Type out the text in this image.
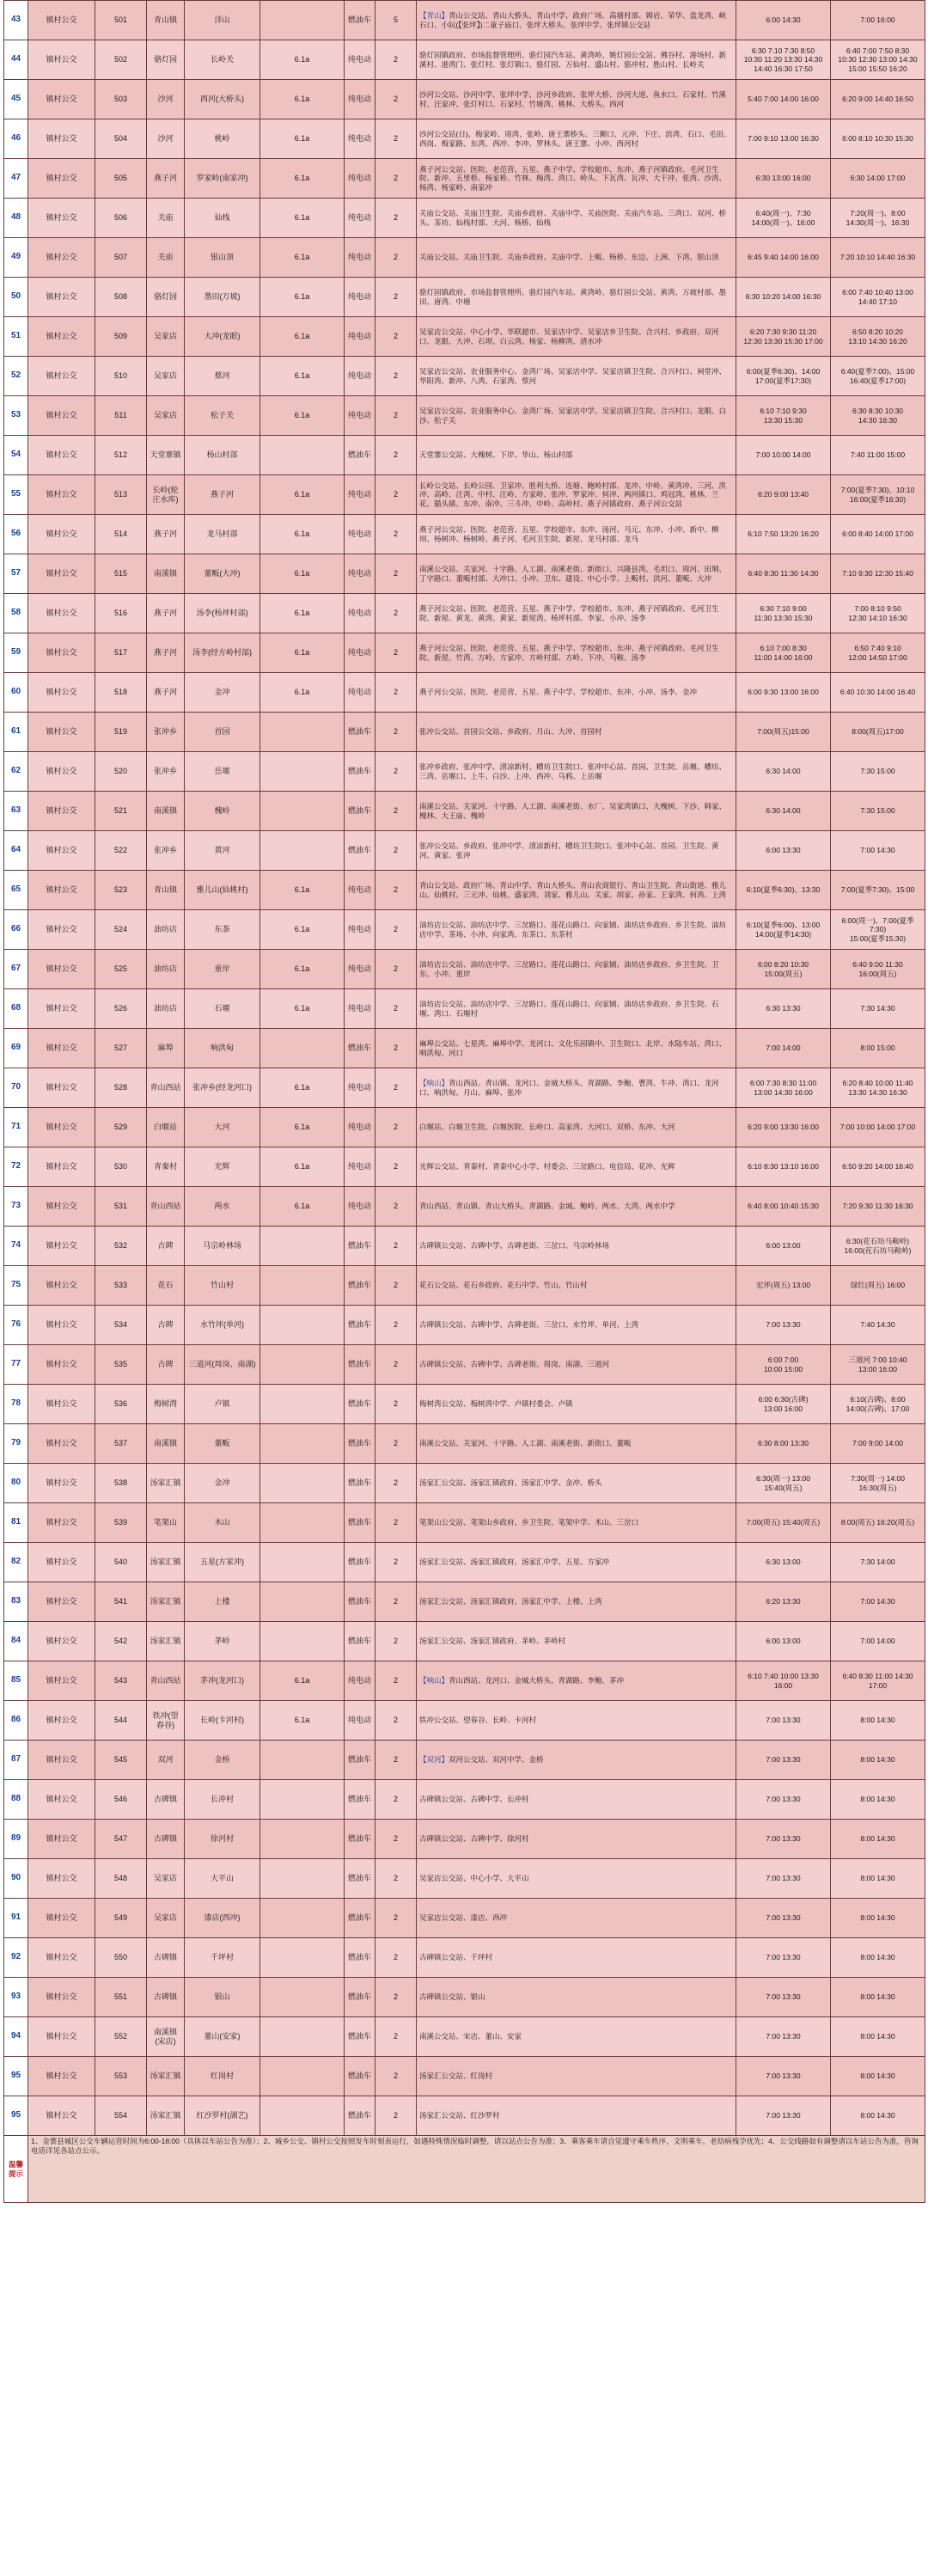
43	镇村公交	501	青山镇	洋山		燃油车	5	【青山】青山公交站、青山大桥头、青山中学、政府广场、高塘村部、姆岩、荣华、盘龙湾、峡石口、小阮(【张坪】)二童子庙口、张坪大桥头、张坪中学、张坪镇公交站	6:00 14:30	7:00 16:00
44	镇村公交	502	骆灯园	长岭关	6.1a	纯电动	2	骆灯园镇政府、市场监督管理所、骆灯园汽车站、黄湾岭、姚灯园公交站、佛谷村、港场村、新溪村、港湾门、张灯村、张灯镇口、骆灯园、万仙村、盛山村、骆冲村、胜山村、长岭关	6:30 7:10 7:30 8:50
10:30 11:20 13:30 14:30
14:40 16:30 17:50	6:40 7:00 7:50 8:30
10:30 12:30 13:00 14:30
15:00 15:50 16:20
45	镇村公交	503	沙河	西河(大桥头)	6.1a	纯电动	2	沙河公交站、沙河中学、张坪中学、沙河乡政府、张坪大桥、沙河大道、鱼水口、石家村、竹溪村、汪家冲、张灯村口、石家村、竹塘湾、桃林、大桥头、西河	5:40 7:00 14:00 16:00	6:20 9:00 14:40 16:50
46	镇村公交	504	沙河	桃岭	6.1a	纯电动	2	沙河公交站(日)、梅家岭、周湾、张岭、唐王寨桥头、三狮口、元冲、下庄、滨湾、石口、毛田、西岗、梅家路、东湾、西冲、李冲、罗林头、唐王寨、小冲、西河村	7:00 9:10 13:00 16:30	6:00 8:10 10:30 15:30
47	镇村公交	505	燕子河	罗家岭(南家冲)	6.1a	纯电动	2	燕子河公交站、医院、老范营、五星、燕子中学、学校超市、东冲、燕子河镇政府、毛河卫生院、新冲、五里桥、杨家桥、竹林、梅湾、湾口、岭头、下瓦湾、瓦冲、大干冲、张湾、沙湾、杨湾、杨家岭、南家冲	6:30 13:00 16:00	6:30 14:00 17:00
48	镇村公交	506	关庙	仙栈	6.1a	纯电动	2	关庙公交站、关庙卫生院、关庙乡政府、关庙中学、关庙医院、关庙汽车站、三湾口、双河、桥头、茶坊、仙栈村部、大河、杨桥、仙栈	6:40(周一)、7:30
14:00(周一)、16:00	7:20(周一)、8:00
14:30(周一)、16:30
49	镇村公交	507	关庙	银山顶	6.1a	纯电动	2	关庙公交站、关庙卫生院、关庙乡政府、关庙中学、上畈、杨桥、东边、上洲、下湾、银山顶	6:45 9:40 14:00 16:00	7:20 10:10 14:40 16:30
50	镇村公交	508	骆灯园	墨田(万坡)	6.1a	纯电动	2	骆灯园镇政府、市场监督管理所、骆灯园汽车站、黄湾岭、骆灯园公交站、黄湾、万坡村部、墨田、唐湾、中塘	6:30 10:20 14:00 16:30	6:00 7:40 10:40 13:00
14:40 17:10
51	镇村公交	509	吴家店	大冲(龙眼)	6.1a	纯电动	2	吴家店公交站、中心小学、华联超市、吴家店中学、吴家店乡卫生院、合兴村、乡政府、双河口、龙眼、大冲、石坝、白云湾、杨家、杨柳湾、清水冲	6:20 7:30 9:30 11:20
12:30 13:30 15:30 17:00	6:50 8:20 10:20
13:10 14:30 16:20
52	镇村公交	510	吴家店	蔡河	6.1a	纯电动	2	吴家店公交站、农业服务中心、金湾广场、吴家店中学、吴家店镇卫生院、合兴村口、祠堂冲、华阳湾、新冲、八湾、石家湾、蔡河	6:00(夏季6:30)、14:00
17:00(夏季17:30)	6:40(夏季7:00)、15:00
16:40(夏季17:00)
53	镇村公交	511	吴家店	松子关	6.1a	纯电动	2	吴家店公交站、农业服务中心、金湾广场、吴家店中学、吴家店镇卫生院、合兴村口、龙眼、白沙、松子关	6:10 7:10 9:30
13:30 15:30	6:30 8:30 10:30
14:30 16:30
54	镇村公交	512	天堂寨镇	杨山村部		燃油车	2	天堂寨公交站、大槐树、下岸、华山、杨山村部	7:00 10:00 14:00	7:40 11:00 15:00
55	镇村公交	513	长岭(轮庄水库)	燕子河	6.1a	纯电动	2	长岭公交站、长岭公园、卫家冲、胜利大桥、连塘、鲍岭村部、龙冲、中岭、黄湾冲、三河、洪冲、高岭、汪湾、中村、汪岭、方家岭、张冲、罗家冲、何冲、两河镇口、鸡冠湾、桃林、兰花、猫头镇、东冲、南冲、三斗冲、中岭、高岭村、燕子河镇政府、燕子河公交站	6:20 9:00 13:40	7:00(夏季7:30)、10:10
16:00(夏季16:30)
56	镇村公交	514	燕子河	龙马村部	6.1a	纯电动	2	燕子河公交站、医院、老范营、五星、学校超市、东冲、汤河、马元、东冲、小冲、新中、柳坝、杨树冲、杨树岭、燕子河、毛河卫生院、新屋、龙马村部、龙马	6:10 7:50 13:20 16:20	6:00 8:40 14:00 17:00
57	镇村公交	515	南溪镇	董畈(大冲)	6.1a	纯电动	2	南溪公交站、关家河、十字路、人工湖、南溪老街、新街口、兴隆县湾、毛坦口、周河、田垌、丁字路口、董畈村部、大冲口、小冲、卫东、建设、中心小学、上畈村、洪河、董畈、大冲	6:40 8:30 11:30 14:30	7:10 9:30 12:30 15:40
58	镇村公交	516	燕子河	汤李(杨坪村部)	6.1a	纯电动	2	燕子河公交站、医院、老范营、五星、燕子中学、学校超市、东冲、燕子河镇政府、毛河卫生院、新屋、黄龙、黄湾、黄家、新屋湾、杨坪村部、李家、小冲、汤李	6:30 7:10 9:00
11:30 13:30 15:30	7:00 8:10 9:50
12:30 14:10 16:30
59	镇村公交	517	燕子河	汤李(经方岭村部)	6.1a	纯电动	2	燕子河公交站、医院、老范营、五星、燕子中学、学校超市、东冲、燕子河镇政府、毛河卫生院、新屋、竹湾、方岭、方家冲、方岭村部、方岭、下冲、马鞍、汤李	6:10 7:00 8:30
11:00 14:00 16:00	6:50 7:40 9:10
12:00 14:50 17:00
60	镇村公交	518	燕子河	金冲	6.1a	纯电动	2	燕子河公交站、医院、老范营、五星、燕子中学、学校超市、东冲、小冲、汤李、金冲	6:00 9:30 13:00 16:00	6:40 10:30 14:00 16:40
61	镇村公交	519	张冲乡	首园		燃油车	2	张冲公交站、首园公交站、乡政府、月山、大冲、首园村	7:00(周五)15:00	8:00(周五)17:00
62	镇村公交	520	张冲乡	岳堰		燃油车	2	张冲乡政府、张冲中学、清凉新村、槽坊卫生院口、张冲中心站、首园、卫生院、岳堰、槽坊、三湾、岳堰口、上牛、白沙、上冲、西冲、乌鸦、上岳堰	6:30 14:00	7:30 15:00
63	镇村公交	521	南溪镇	槐岭		燃油车	2	南溪公交站、关家河、十字路、人工湖、南溪老街、水厂、吴家湾镇口、大槐树、下沙、韩家、槐林、大王庙、槐岭	6:30 14:00	7:30 15:00
64	镇村公交	522	张冲乡	黄河		燃油车	2	张冲公交站、乡政府、张冲中学、清凉新村、槽坊卫生院口、张冲中心站、首园、卫生院、黄河、黄家、张冲	6:00 13:30	7:00 14:30
65	镇村公交	523	青山镇	雅儿山(仙桃村)	6.1a	纯电动	2	青山公交站、政府广场、青山中学、青山大桥头、青山农商银行、青山卫生院、青山街道、雅儿山、仙桃村、三元冲、仙桃、盛家湾、刘家、雅儿山、关家、胡家、孙家、王家湾、何湾、上湾	6:10(夏季6:30)、13:30	7:00(夏季7:30)、15:00
66	镇村公交	524	油坊店	东茶	6.1a	纯电动	2	油坊店公交站、油坊店中学、三岔路口、莲花山路口、向家铺、油坊店乡政府、乡卫生院、油坊店中学、茶场、小冲、向家湾、东茶口、东茶村	6:10(夏季6:00)、13:00
14:00(夏季14:30)	6:00(周一)、7:00(夏季7:30)
15:00(夏季15:30)
67	镇村公交	525	油坊店	重岸	6.1a	纯电动	2	油坊店公交站、油坊店中学、三岔路口、莲花山路口、向家铺、油坊店乡政府、乡卫生院、卫东、小冲、重岸	6:00 8:20 10:30
15:00(周五)	6:40 9:00 11:30
16:00(周五)
68	镇村公交	526	油坊店	石堰	6.1a	纯电动	2	油坊店公交站、油坊店中学、三岔路口、莲花山路口、向家铺、油坊店乡政府、乡卫生院、石堰、湾口、石堰村	6:30 13:30	7:30 14:30
69	镇村公交	527	麻埠	响洪甸		燃油车	2	麻埠公交站、七星湾、麻埠中学、龙河口、文化乐园镇中、卫生院口、北岸、水陆车站、湾口、响洪甸、河口	7:00 14:00	8:00 15:00
70	镇村公交	528	青山西站	张冲乡(经龙河口)	6.1a	纯电动	2	【响山】青山西站、青山镇、龙河口、金城大桥头、青湖路、李鲍、曹湾、牛冲、湾口、龙河口、响洪甸、月山、麻埠、张冲	6:00 7:30 8:30 11:00
13:00 14:30 16:00	6:20 8:40 10:00 11:40
13:30 14:30 16:30
71	镇村公交	529	白堰站	大河	6.1a	纯电动	2	白堰站、白堰卫生院、白堰医院、长岭口、高家湾、大河口、双桥、东冲、大河	6:20 9:00 13:30 16:00	7:00 10:00 14:00 17:00
72	镇村公交	530	青秦村	光辉	6.1a	纯电动	2	光辉公交站、青秦村、青秦中心小学、村委会、三岔路口、电信局、花冲、光辉	6:10 8:30 13:10 16:00	6:50 9:20 14:00 16:40
73	镇村公交	531	青山西站	两水	6.1a	纯电动	2	青山西站、青山镇、青山大桥头、青湖路、金城、鲍岭、两水、大湾、两水中学	6:40 8:00 10:40 15:30	7:20 9:30 11:30 16:30
74	镇村公交	532	古碑	马宗岭林场		燃油车	2	古碑镇公交站、古碑中学、古碑老街、三岔口、马宗岭林场	6:00 13:00	6:30(花石坊马鞍岭)
16:00(花石坊马鞍岭)
75	镇村公交	533	花石	竹山村		燃油车	2	花石公交站、花石乡政府、花石中学、竹山、竹山村	宏坪(周五) 13:00	绿红(周五) 16:00
76	镇村公交	534	古碑	水竹坪(单河)		燃油车	2	古碑镇公交站、古碑中学、古碑老街、三岔口、水竹坪、单河、上湾	7:00 13:30	7:40 14:30
77	镇村公交	535	古碑	三道河(周岗、南湖)		燃油车	2	古碑镇公交站、古碑中学、古碑老街、周岗、南湖、三道河	6:00 7:00
10:00 15:00	三道河 7:00 10:40
13:00 16:00
78	镇村公交	536	梅树湾	卢镇		燃油车	2	梅树湾公交站、梅树湾中学、卢镇村委会、卢镇	6:00 6:30(古碑)
13:00 16:00	6:10(古碑)、8:00
14:00(古碑)、17:00
79	镇村公交	537	南溪镇	董畈		燃油车	2	南溪公交站、关家河、十字路、人工湖、南溪老街、新街口、董畈	6:30 8:00 13:30	7:00 9:00 14:00
80	镇村公交	538	汤家汇镇	金冲		燃油车	2	汤家汇公交站、汤家汇镇政府、汤家汇中学、金冲、桥头	6:30(周一) 13:00
15:40(周五)	7:30(周一) 14:00
16:30(周五)
81	镇村公交	539	笔架山	木山		燃油车	2	笔架山公交站、笔架山乡政府、乡卫生院、笔架中学、木山、三岔口	7:00(周五) 15:40(周五)	8:00(周五) 16:20(周五)
82	镇村公交	540	汤家汇镇	五星(方家冲)		燃油车	2	汤家汇公交站、汤家汇镇政府、汤家汇中学、五星、方家冲	6:30 13:00	7:30 14:00
83	镇村公交	541	汤家汇镇	上楼		燃油车	2	汤家汇公交站、汤家汇镇政府、汤家汇中学、上楼、上湾	6:20 13:30	7:00 14:30
84	镇村公交	542	汤家汇镇	茅岭		燃油车	2	汤家汇公交站、汤家汇镇政府、茅岭、茅岭村	6:00 13:00	7:00 14:00
85	镇村公交	543	青山西站	茅冲(龙河口)	6.1a	纯电动	2	【响山】青山西站、龙河口、金城大桥头、青湖路、李鲍、茅冲	6:10 7:40 10:00 13:30
16:00	6:40 8:30 11:00 14:30
17:00
86	镇村公交	544	铁冲(望春谷)	长岭(卡河村)	6.1a	纯电动	2	铁冲公交站、望春谷、长岭、卡河村	7:00 13:30	8:00 14:30
87	镇村公交	545	双河	金桥		燃油车	2	【双河】双河公交站、双河中学、金桥	7:00 13:30	8:00 14:30
88	镇村公交	546	古碑镇	长冲村		燃油车	2	古碑镇公交站、古碑中学、长冲村	7:00 13:30	8:00 14:30
89	镇村公交	547	古碑镇	徐河村		燃油车	2	古碑镇公交站、古碑中学、徐河村	7:00 13:30	8:00 14:30
90	镇村公交	548	吴家店	大平山		燃油车	2	吴家店公交站、中心小学、大平山	7:00 13:30	8:00 14:30
91	镇村公交	549	吴家店	漆店(西冲)		燃油车	2	吴家店公交站、漆店、西冲	7:00 13:30	8:00 14:30
92	镇村公交	550	古碑镇	千坪村		燃油车	2	古碑镇公交站、千坪村	7:00 13:30	8:00 14:30
93	镇村公交	551	古碑镇	银山		燃油车	2	古碑镇公交站、银山	7:00 13:30	8:00 14:30
94	镇村公交	552	南溪镇(宋店)	董山(安家)		燃油车	2	南溪公交站、宋店、董山、安家	7:00 13:30	8:00 14:30
95	镇村公交	553	汤家汇镇	红岗村		燃油车	2	汤家汇公交站、红岗村	7:00 13:30	8:00 14:30
95	镇村公交	554	汤家汇镇	红沙罗村(湖艺)		燃油车	2	汤家汇公交站、红沙罗村	7:00 13:30	8:00 14:30
温馨提示	1、金寨县城区公交车辆运营时间为6:00-18:00（具体以车站公告为准）；2、城乡公交、镇村公交按照发车时刻表运行，如遇特殊情况临时调整，请以站点公告为准；3、乘客乘车请自觉遵守乘车秩序，文明乘车，老幼病残孕优先；4、公交线路如有调整请以车站公告为准，咨询电话详见各站点公示。									
